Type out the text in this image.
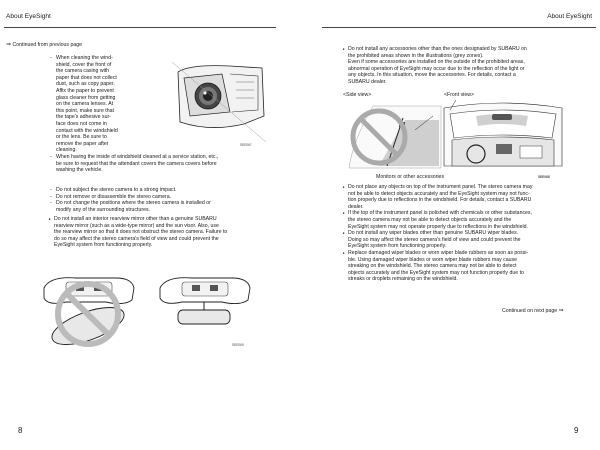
About EyeSight	About EyeSight
⇒ Continued from previous page
- When cleaning the wind-
shield, cover the front of
the camera casing with
paper that does not collect
dust, such as copy paper.
Affix the paper to prevent
glass cleaner from getting
on the camera lenses. At
this point, make sure that
the tape's adhesive sur-
face does not come in
contact with the windshield
or the lens. Be sure to
remove the paper after
cleaning.
- When having the inside of windshield cleaned at a service station, etc.,
be sure to request that the attendant covers the camera covers before
washing the vehicle.
SEE067
- Do not subject the stereo camera to a strong impact.
- Do not remove or disassemble the stereo camera.
- Do not change the positions where the stereo camera is installed or
modify any of the surrounding structures.
● Do not install an interior rearview mirror other than a genuine SUBARU
rearview mirror (such as a wide-type mirror) and the sun visor. Also, use
the rearview mirror so that it does not obstruct the stereo camera. Failure to
do so may affect the stereo camera's field of view and could prevent the
EyeSight system from functioning properly.
SEE069
8
● Do not install any accessories other than the ones designated by SUBARU on
the prohibited areas shown in the illustrations (grey zones).
Even if some accessories are installed on the outside of the prohibited areas,
abnormal operation of EyeSight may occur due to the reflection of the light or
any objects. In this situation, move the accessories. For details, contact a
SUBARU dealer.
<Side view>	<Front view>
SEE068
Monitors or other accessories
● Do not place any objects on top of the instrument panel. The stereo camera may
not be able to detect objects accurately and the EyeSight system may not func-
tion properly due to reflections in the windshield. For details, contact a SUBARU
dealer.
● If the top of the instrument panel is polished with chemicals or other substances,
the stereo camera may not be able to detect objects accurately and the
EyeSight system may not operate properly due to reflections in the windshield.
● Do not install any wiper blades other than genuine SUBARU wiper blades.
Doing so may affect the stereo camera's field of view and could prevent the
EyeSight system from functioning properly.
● Replace damaged wiper blades or worn wiper blade rubbers as soon as possi-
ble. Using damaged wiper blades or worn wiper blade rubbers may cause
streaking on the windshield. The stereo camera may not be able to detect
objects accurately and the EyeSight system may not function properly due to
streaks or droplets remaining on the windshield.
Continued on next page ⇒
9
